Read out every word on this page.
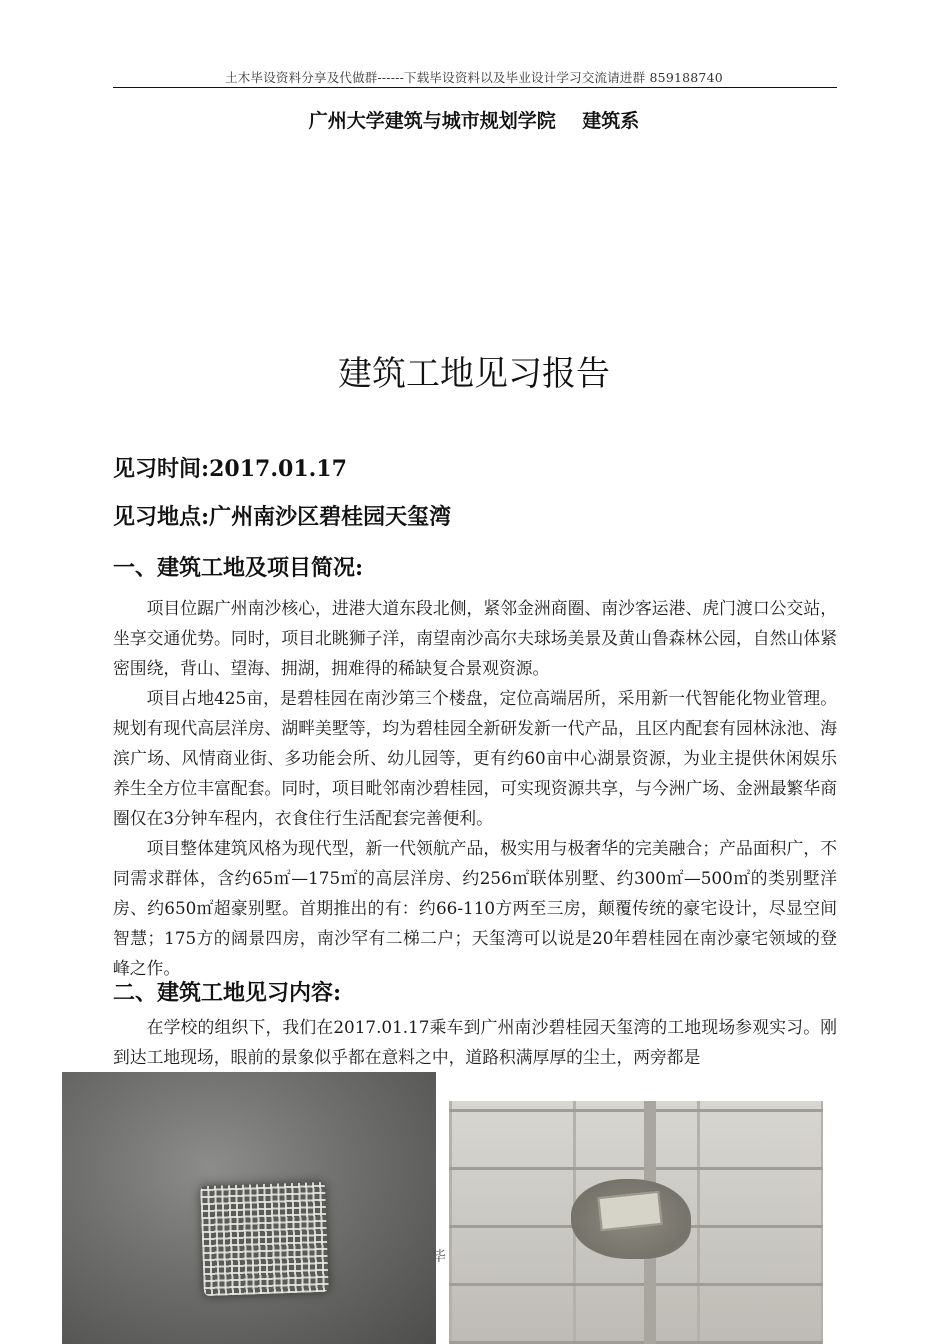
土木毕设资料分享及代做群------下载毕设资料以及毕业设计学习交流请进群 859188740
广州大学建筑与城市规划学院    建筑系
建筑工地见习报告
见习时间:2017.01.17
见习地点:广州南沙区碧桂园天玺湾
一、建筑工地及项目简况:

项目位踞广州南沙核心，进港大道东段北侧，紧邻金洲商圈、南沙客运港、虎门渡口公交站，坐享交通优势。同时，项目北眺狮子洋，南望南沙高尔夫球场美景及黄山鲁森林公园，自然山体紧密围绕，背山、望海、拥湖，拥难得的稀缺复合景观资源。

项目占地425亩，是碧桂园在南沙第三个楼盘，定位高端居所，采用新一代智能化物业管理。规划有现代高层洋房、湖畔美墅等，均为碧桂园全新研发新一代产品，且区内配套有园林泳池、海滨广场、风情商业街、多功能会所、幼儿园等，更有约60亩中心湖景资源，为业主提供休闲娱乐养生全方位丰富配套。同时，项目毗邻南沙碧桂园，可实现资源共享，与今洲广场、金洲最繁华商圈仅在3分钟车程内，衣食住行生活配套完善便利。

项目整体建筑风格为现代型，新一代领航产品，极实用与极奢华的完美融合；产品面积广，不同需求群体，含约65㎡—175㎡的高层洋房、约256㎡联体别墅、约300㎡—500㎡的类别墅洋房、约650㎡超豪别墅。首期推出的有：约66-110方两至三房，颠覆传统的豪宅设计，尽显空间智慧；175方的阔景四房，南沙罕有二梯二户；天玺湾可以说是20年碧桂园在南沙豪宅领域的登峰之作。

二、建筑工地见习内容:

在学校的组织下，我们在2017.01.17乘车到广州南沙碧桂园天玺湾的工地现场参观实习。刚到达工地现场，眼前的景象似乎都在意料之中，道路积满厚厚的尘土，两旁都是

毕
